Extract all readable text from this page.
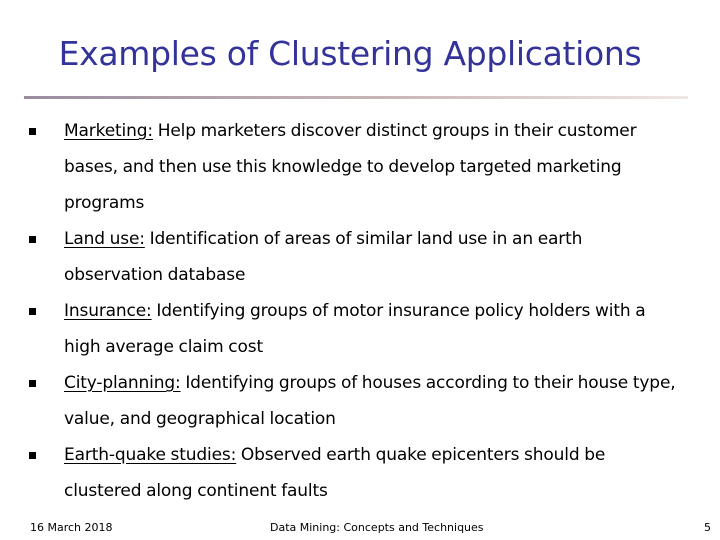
Examples of Clustering Applications
Marketing: Help marketers discover distinct groups in their customer bases, and then use this knowledge to develop targeted marketing programs
Land use: Identification of areas of similar land use in an earth observation database
Insurance: Identifying groups of motor insurance policy holders with a high average claim cost
City-planning: Identifying groups of houses according to their house type, value, and geographical location
Earth-quake studies: Observed earth quake epicenters should be clustered along continent faults
16 March 2018	Data Mining: Concepts and Techniques	5
